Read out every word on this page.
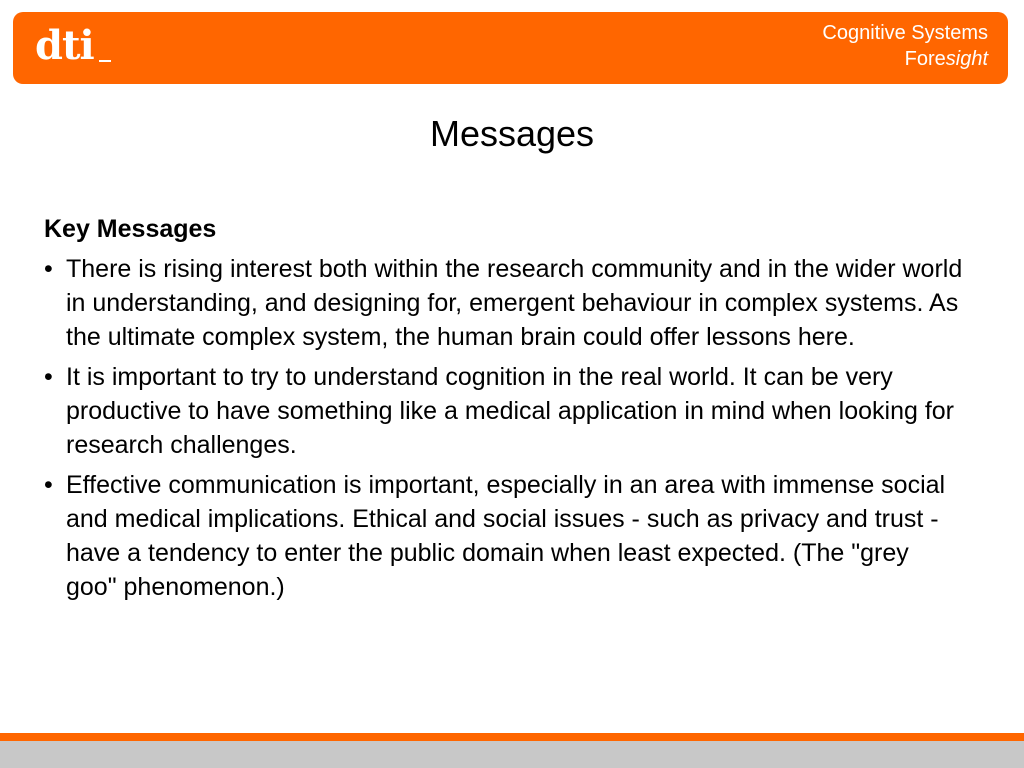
dti	Cognitive Systems
Foresight
Messages
Key Messages
• There is rising interest both within the research community and in the wider world in understanding, and designing for, emergent behaviour in complex systems. As the ultimate complex system, the human brain could offer lessons here.
• It is important to try to understand cognition in the real world. It can be very productive to have something like a medical application in mind when looking for research challenges.
• Effective communication is important, especially in an area with immense social and medical implications. Ethical and social issues - such as privacy and trust - have a tendency to enter the public domain when least expected. (The "grey goo" phenomenon.)
